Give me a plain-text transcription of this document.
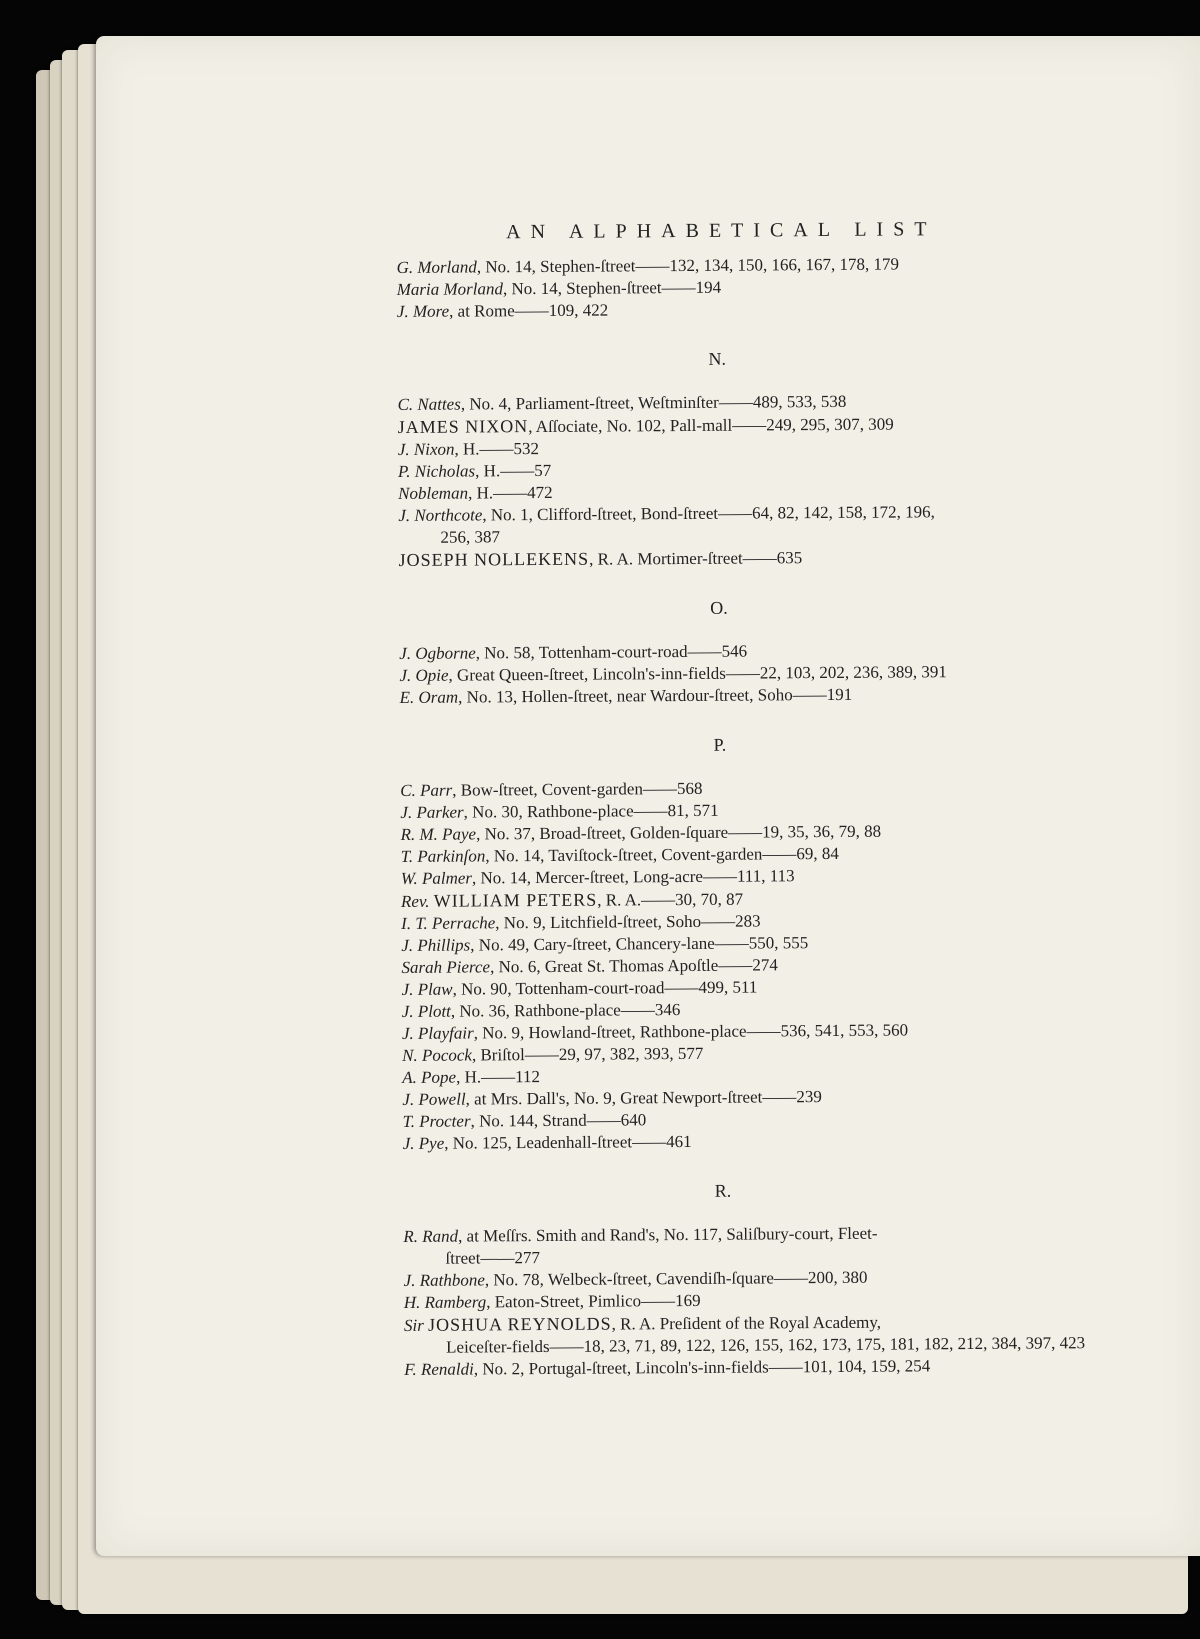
AN ALPHABETICAL LIST
G. Morland, No. 14, Stephen-ſtreet——132, 134, 150, 166, 167, 178, 179
Maria Morland, No. 14, Stephen-ſtreet——194
J. More, at Rome——109, 422
N.
C. Nattes, No. 4, Parliament-ſtreet, Weſtminſter——489, 533, 538
JAMES NIXON, Aſſociate, No. 102, Pall-mall——249, 295, 307, 309
J. Nixon, H.——532
P. Nicholas, H.——57
Nobleman, H.——472
J. Northcote, No. 1, Clifford-ſtreet, Bond-ſtreet——64, 82, 142, 158, 172, 196,
256, 387
JOSEPH NOLLEKENS, R. A. Mortimer-ſtreet——635
O.
J. Ogborne, No. 58, Tottenham-court-road——546
J. Opie, Great Queen-ſtreet, Lincoln's-inn-fields——22, 103, 202, 236, 389, 391
E. Oram, No. 13, Hollen-ſtreet, near Wardour-ſtreet, Soho——191
P.
C. Parr, Bow-ſtreet, Covent-garden——568
J. Parker, No. 30, Rathbone-place——81, 571
R. M. Paye, No. 37, Broad-ſtreet, Golden-ſquare——19, 35, 36, 79, 88
T. Parkinſon, No. 14, Taviſtock-ſtreet, Covent-garden——69, 84
W. Palmer, No. 14, Mercer-ſtreet, Long-acre——111, 113
Rev. WILLIAM PETERS, R. A.——30, 70, 87
I. T. Perrache, No. 9, Litchfield-ſtreet, Soho——283
J. Phillips, No. 49, Cary-ſtreet, Chancery-lane——550, 555
Sarah Pierce, No. 6, Great St. Thomas Apoſtle——274
J. Plaw, No. 90, Tottenham-court-road——499, 511
J. Plott, No. 36, Rathbone-place——346
J. Playfair, No. 9, Howland-ſtreet, Rathbone-place——536, 541, 553, 560
N. Pocock, Briſtol——29, 97, 382, 393, 577
A. Pope, H.——112
J. Powell, at Mrs. Dall's, No. 9, Great Newport-ſtreet——239
T. Procter, No. 144, Strand——640
J. Pye, No. 125, Leadenhall-ſtreet——461
R.
R. Rand, at Meſſrs. Smith and Rand's, No. 117, Saliſbury-court, Fleet-
ſtreet——277
J. Rathbone, No. 78, Welbeck-ſtreet, Cavendiſh-ſquare——200, 380
H. Ramberg, Eaton-Street, Pimlico——169
Sir JOSHUA REYNOLDS, R. A. Preſident of the Royal Academy,
Leiceſter-fields——18, 23, 71, 89, 122, 126, 155, 162, 173, 175, 181, 182, 212, 384, 397, 423
F. Renaldi, No. 2, Portugal-ſtreet, Lincoln's-inn-fields——101, 104, 159, 254
